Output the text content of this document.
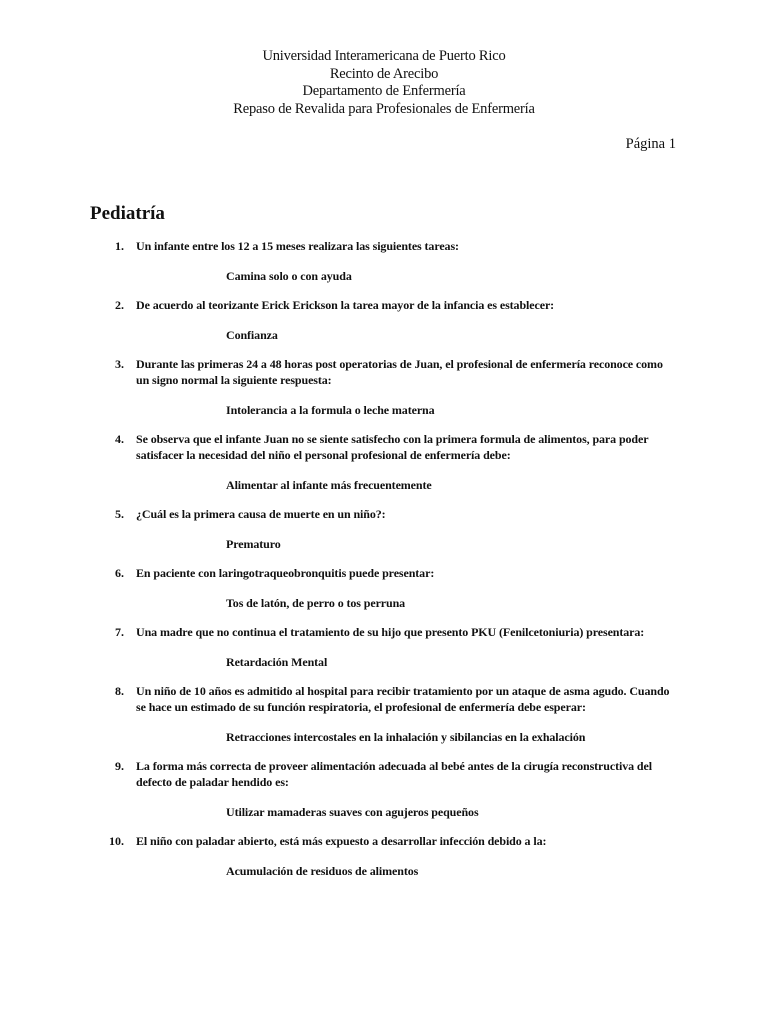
Universidad Interamericana de Puerto Rico
Recinto de Arecibo
Departamento de Enfermería
Repaso de Revalida para Profesionales de Enfermería
Página 1
Pediatría
1. Un infante entre los 12 a 15 meses realizara las siguientes tareas:
Camina solo o con ayuda
2. De acuerdo al teorizante Erick Erickson la tarea mayor de la infancia es establecer:
Confianza
3. Durante las primeras 24 a 48 horas post operatorias de Juan, el profesional de enfermería reconoce como un signo normal la siguiente respuesta:
Intolerancia a la formula o leche materna
4. Se observa que el infante Juan no se siente satisfecho con la primera formula de alimentos, para poder satisfacer la necesidad del niño el personal profesional de enfermería debe:
Alimentar al infante más frecuentemente
5. ¿Cuál es la primera causa de muerte en un niño?:
Prematuro
6. En paciente con laringotraqueobronquitis puede presentar:
Tos de latón, de perro o tos perruna
7. Una madre que no continua el tratamiento de su hijo que presento PKU (Fenilcetoniuria) presentara:
Retardación Mental
8. Un niño de 10 años es admitido al hospital para recibir tratamiento por un ataque de asma agudo. Cuando se hace un estimado de su función respiratoria, el profesional de enfermería debe esperar:
Retracciones intercostales en la inhalación y sibilancias en la exhalación
9. La forma más correcta de proveer alimentación adecuada al bebé antes de la cirugía reconstructiva del defecto de paladar hendido es:
Utilizar mamaderas suaves con agujeros pequeños
10. El niño con paladar abierto, está más expuesto a desarrollar infección debido a la:
Acumulación de residuos de alimentos
